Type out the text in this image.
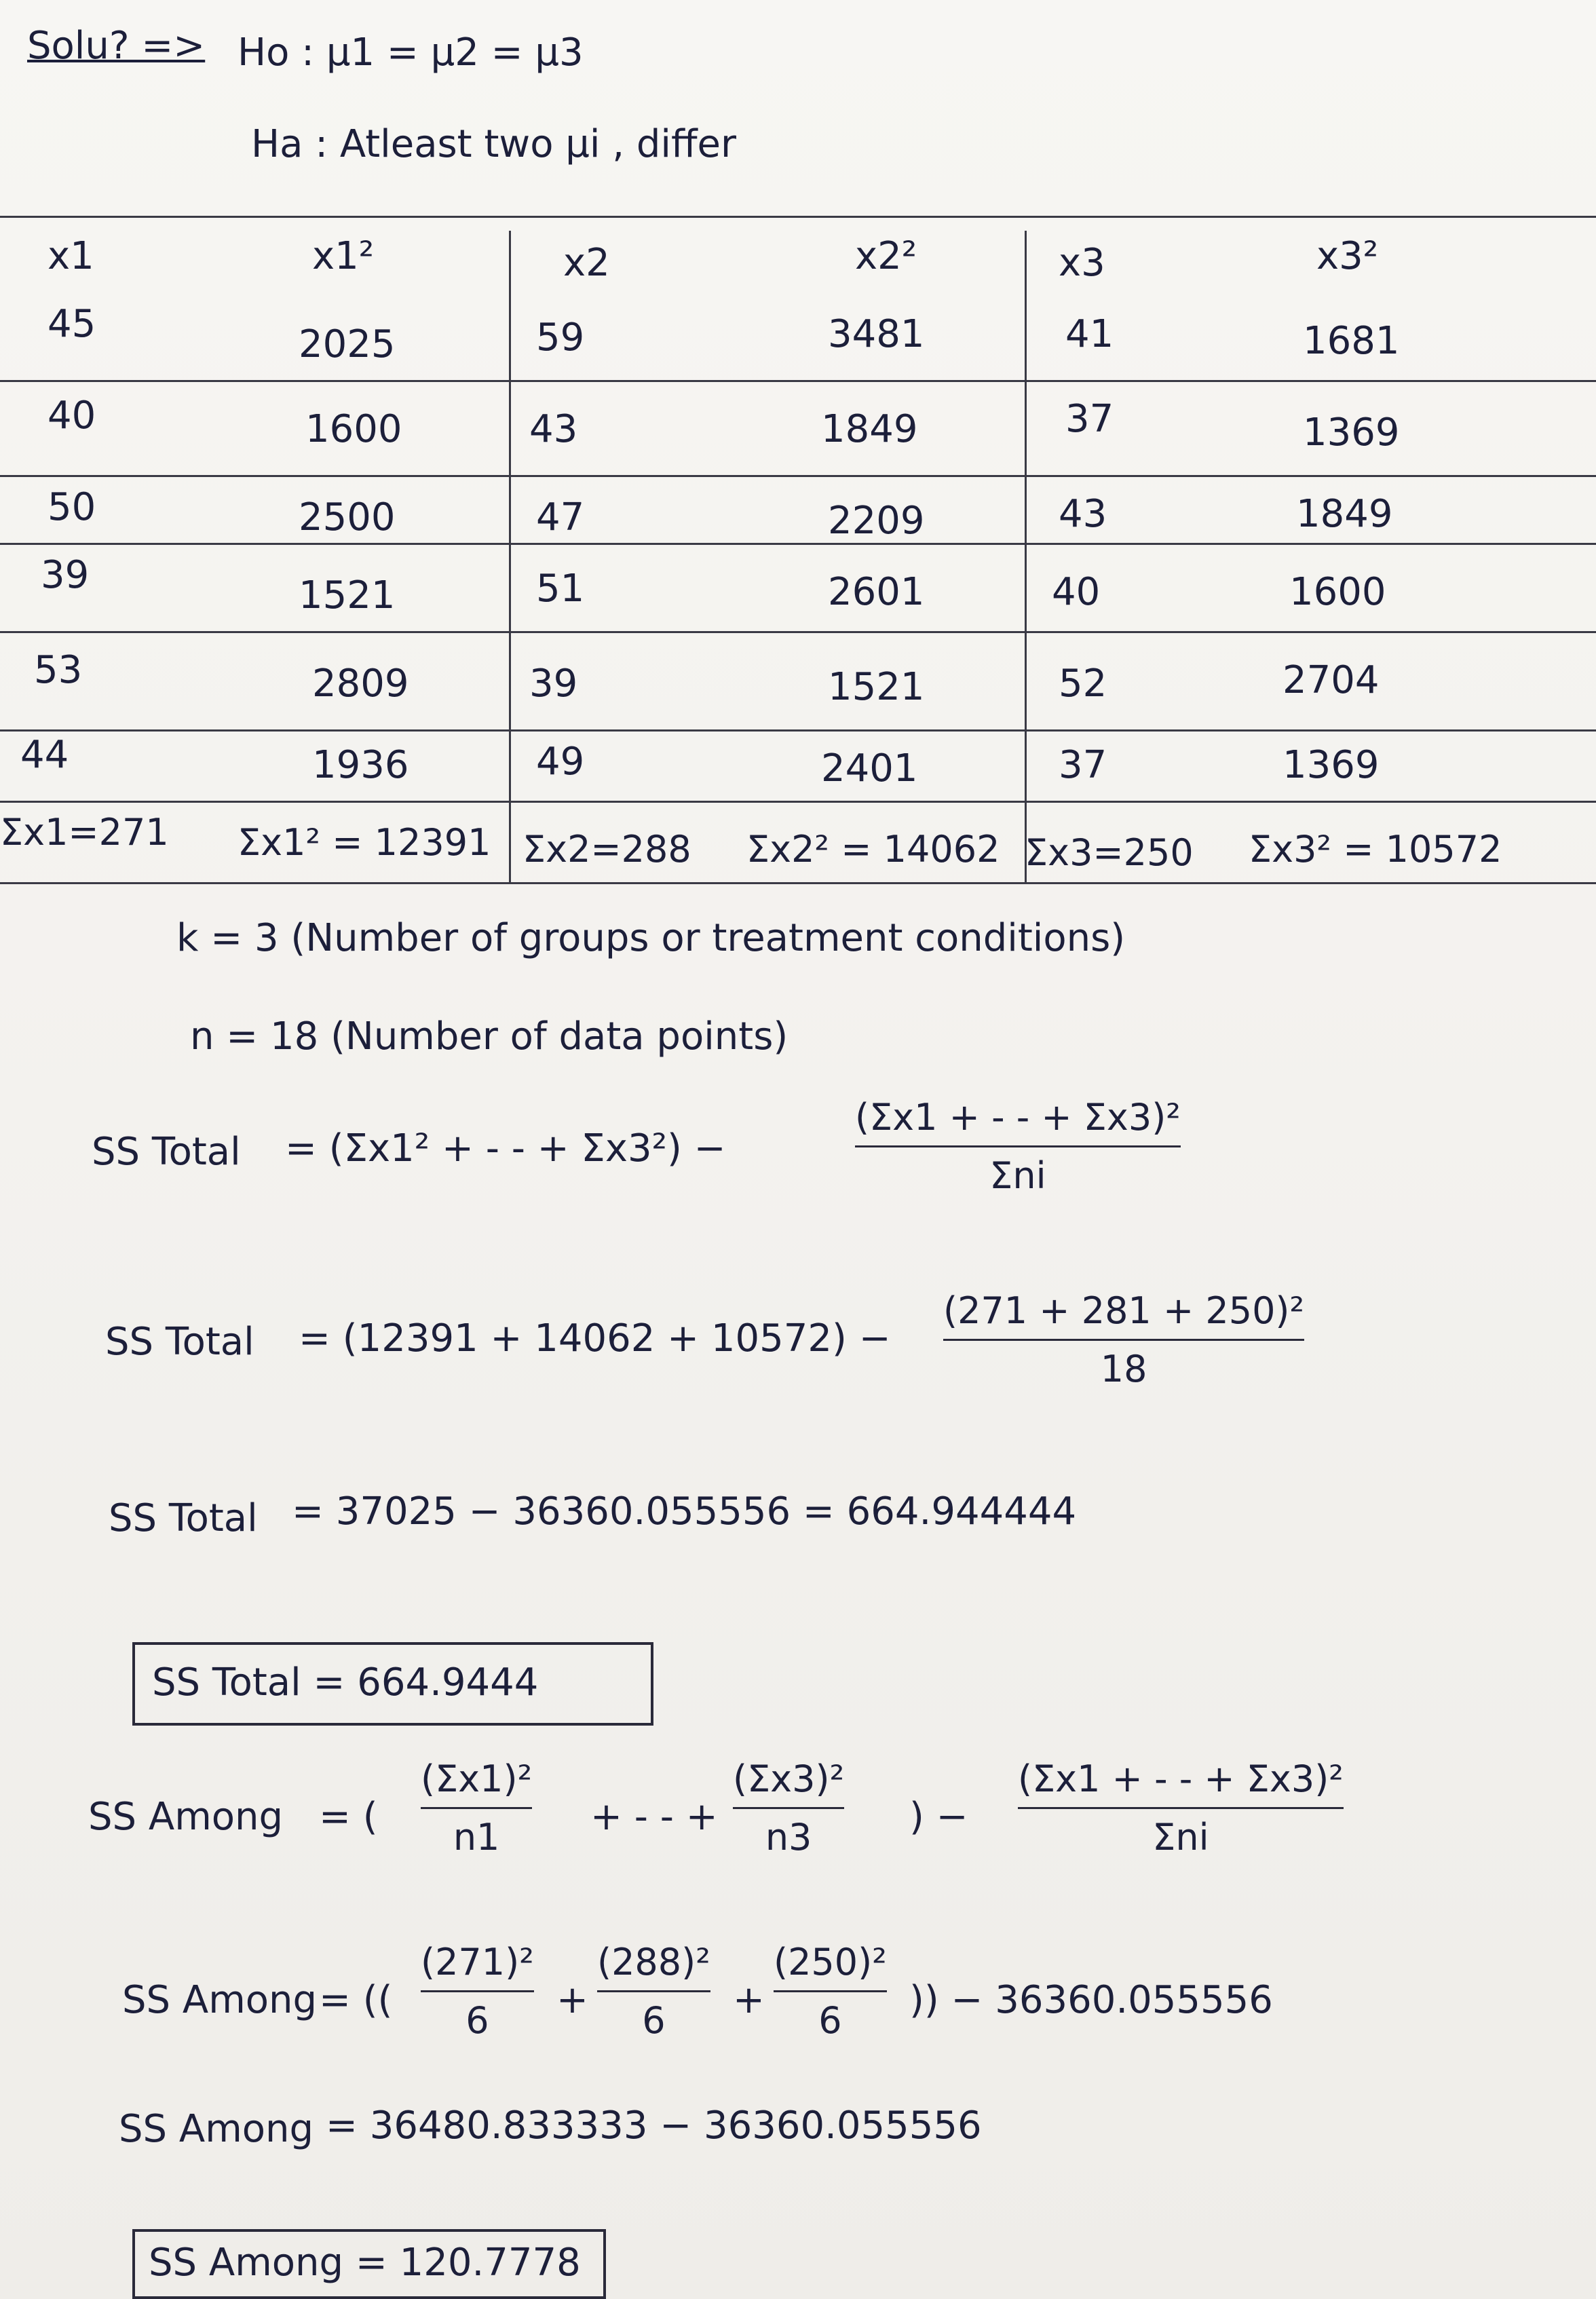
Solu? => Ho : μ1 = μ2 = μ3
Ha : Atleast two μi , differ
x1	x1²	x2	x2²	x3	x3²
45	2025	59	3481	41	1681
40	1600	43	1849	37	1369
50	2500	47	2209	43	1849
39	1521	51	2601	40	1600
53	2809	39	1521	52	2704
44	1936	49	2401	37	1369
Σx1=271 Σx1² = 12391 Σx2=288 Σx2² = 14062 Σx3=250 Σx3² = 10572
k = 3 (Number of groups or treatment conditions)
n = 18 (Number of data points)
SS Total = (Σx1² + - - + Σx3²) −
(Σx1 + - - + Σx3)²
Σni
SS Total = $(12391 + 14062 + 10572) - \frac{\text{(271 + 281 + 250)²}}{18}$
SS Total = 37025 − 36360.055556 = 664.944444
SS Total = 664.9444
SS Among = ( $\frac{\text{(Σx1)²}}{n1}$ + - - + $\frac{\text{(Σx3)²}}{n3}$ ) −
(Σx1 + - - + Σx3)²
Σni
SS Among = (( $\frac{\text{(271)²}}{6} + \frac{\text{(288)²}}{6} + \frac{\text{(250)²}}{6}$ )) − 36360.055556
SS Among = 36480.833333 − 36360.055556
SS Among = 120.7778
